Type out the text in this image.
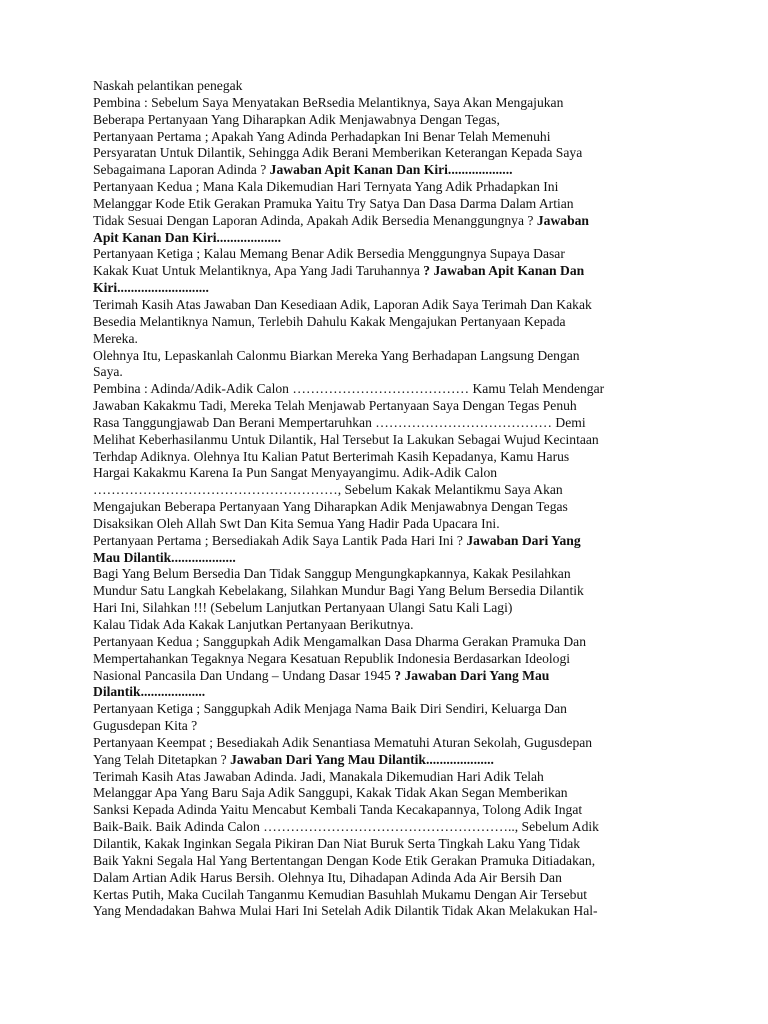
Naskah pelantikan penegak
Pembina : Sebelum Saya Menyatakan BeRsedia Melantiknya, Saya Akan Mengajukan
Beberapa Pertanyaan Yang Diharapkan Adik Menjawabnya Dengan Tegas,
Pertanyaan Pertama ; Apakah Yang Adinda Perhadapkan Ini Benar Telah Memenuhi
Persyaratan Untuk Dilantik, Sehingga Adik Berani Memberikan Keterangan Kepada Saya
Sebagaimana Laporan Adinda ? Jawaban Apit Kanan Dan Kiri...................
Pertanyaan Kedua ; Mana Kala Dikemudian Hari Ternyata Yang Adik Prhadapkan Ini
Melanggar Kode Etik Gerakan Pramuka Yaitu Try Satya Dan Dasa Darma Dalam Artian
Tidak Sesuai Dengan Laporan Adinda, Apakah Adik Bersedia Menanggungnya ? Jawaban
Apit Kanan Dan Kiri...................
Pertanyaan Ketiga ; Kalau Memang Benar Adik Bersedia Menggungnya Supaya Dasar
Kakak Kuat Untuk Melantiknya, Apa Yang Jadi Taruhannya ? Jawaban Apit Kanan Dan
Kiri...........................
Terimah Kasih Atas Jawaban Dan Kesediaan Adik, Laporan Adik Saya Terimah Dan Kakak
Besedia Melantiknya Namun, Terlebih Dahulu Kakak Mengajukan Pertanyaan Kepada
Mereka.
Olehnya Itu, Lepaskanlah Calonmu Biarkan Mereka Yang Berhadapan Langsung Dengan
Saya.
Pembina : Adinda/Adik-Adik Calon ………………………………… Kamu Telah Mendengar
Jawaban Kakakmu Tadi, Mereka Telah Menjawab Pertanyaan Saya Dengan Tegas Penuh
Rasa Tanggungjawab Dan Berani Mempertaruhkan ………………………………… Demi
Melihat Keberhasilanmu Untuk Dilantik, Hal Tersebut Ia Lakukan Sebagai Wujud Kecintaan
Terhdap Adiknya. Olehnya Itu Kalian Patut Berterimah Kasih Kepadanya, Kamu Harus
Hargai Kakakmu Karena Ia Pun Sangat Menyayangimu. Adik-Adik Calon
………………………………………………, Sebelum Kakak Melantikmu Saya Akan
Mengajukan Beberapa Pertanyaan Yang Diharapkan Adik Menjawabnya Dengan Tegas
Disaksikan Oleh Allah Swt Dan Kita Semua Yang Hadir Pada Upacara Ini.
Pertanyaan Pertama ; Bersediakah Adik Saya Lantik Pada Hari Ini ? Jawaban Dari Yang
Mau Dilantik...................
Bagi Yang Belum Bersedia Dan Tidak Sanggup Mengungkapkannya, Kakak Pesilahkan
Mundur Satu Langkah Kebelakang, Silahkan Mundur Bagi Yang Belum Bersedia Dilantik
Hari Ini, Silahkan !!! (Sebelum Lanjutkan Pertanyaan Ulangi Satu Kali Lagi)
Kalau Tidak Ada Kakak Lanjutkan Pertanyaan Berikutnya.
Pertanyaan Kedua ; Sanggupkah Adik Mengamalkan Dasa Dharma Gerakan Pramuka Dan
Mempertahankan Tegaknya Negara Kesatuan Republik Indonesia Berdasarkan Ideologi
Nasional Pancasila Dan Undang – Undang Dasar 1945 ? Jawaban Dari Yang Mau
Dilantik...................
Pertanyaan Ketiga ; Sanggupkah Adik Menjaga Nama Baik Diri Sendiri, Keluarga Dan
Gugusdepan Kita ?
Pertanyaan Keempat ; Besediakah Adik Senantiasa Mematuhi Aturan Sekolah, Gugusdepan
Yang Telah Ditetapkan ? Jawaban Dari Yang Mau Dilantik....................
Terimah Kasih Atas Jawaban Adinda. Jadi, Manakala Dikemudian Hari Adik Telah
Melanggar Apa Yang Baru Saja Adik Sanggupi, Kakak Tidak Akan Segan Memberikan
Sanksi Kepada Adinda Yaitu Mencabut Kembali Tanda Kecakapannya, Tolong Adik Ingat
Baik-Baik. Baik Adinda Calon ……………………………………………….., Sebelum Adik
Dilantik, Kakak Inginkan Segala Pikiran Dan Niat Buruk Serta Tingkah Laku Yang Tidak
Baik Yakni Segala Hal Yang Bertentangan Dengan Kode Etik Gerakan Pramuka Ditiadakan,
Dalam Artian Adik Harus Bersih. Olehnya Itu, Dihadapan Adinda Ada Air Bersih Dan
Kertas Putih, Maka Cucilah Tanganmu Kemudian Basuhlah Mukamu Dengan Air Tersebut
Yang Mendadakan Bahwa Mulai Hari Ini Setelah Adik Dilantik Tidak Akan Melakukan Hal-
